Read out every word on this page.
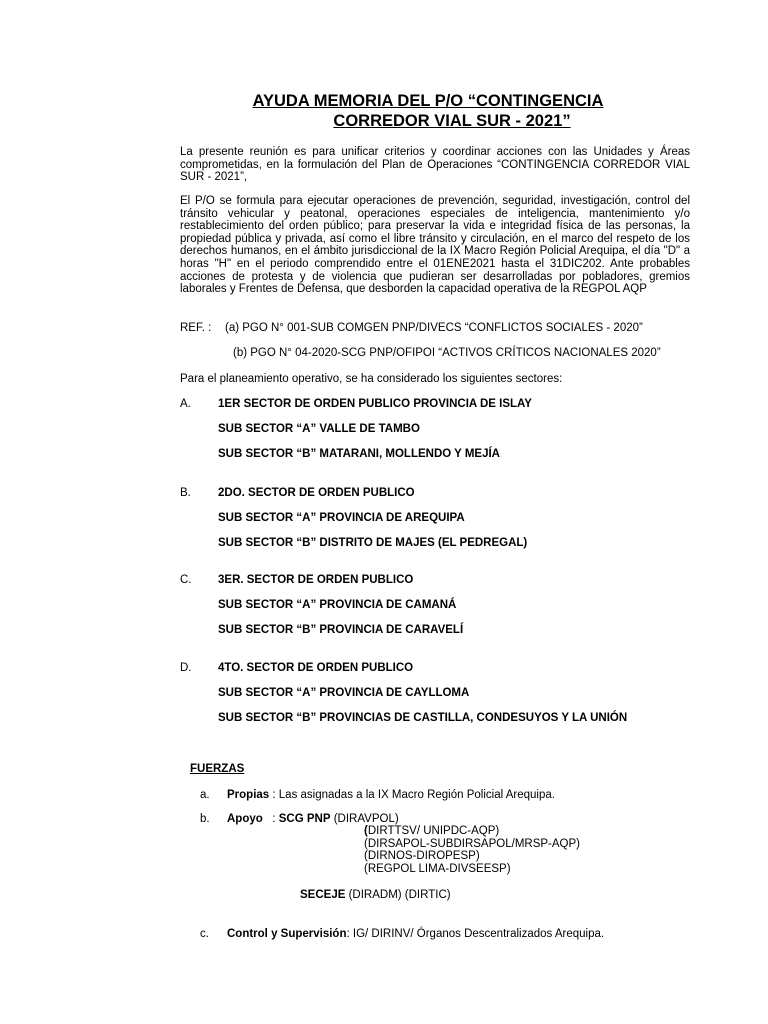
AYUDA MEMORIA DEL P/O “CONTINGENCIA
CORREDOR VIAL SUR - 2021”
La presente reunión es para unificar criterios y coordinar acciones con las Unidades y Áreas comprometidas, en la formulación del Plan de Operaciones “CONTINGENCIA CORREDOR VIAL SUR - 2021”,
El P/O se formula para ejecutar operaciones de prevención, seguridad, investigación, control del tránsito vehicular y peatonal, operaciones especiales de inteligencia, mantenimiento y/o restablecimiento del orden público; para preservar la vida e integridad física de las personas, la propiedad pública y privada, así como el libre tránsito y circulación, en el marco del respeto de los derechos humanos, en el ámbito jurisdiccional de la IX Macro Región Policial Arequipa, el día "D" a horas "H" en el periodo comprendido entre el 01ENE2021 hasta el 31DIC202. Ante probables acciones de protesta y de violencia que pudieran ser desarrolladas por pobladores, gremios laborales y Frentes de Defensa, que desborden la capacidad operativa de la REGPOL AQP
REF. : (a) PGO N° 001-SUB COMGEN PNP/DIVECS “CONFLICTOS SOCIALES - 2020”
(b) PGO N° 04-2020-SCG PNP/OFIPOI “ACTIVOS CRÍTICOS NACIONALES 2020”
Para el planeamiento operativo, se ha considerado los siguientes sectores:
A. 1ER SECTOR DE ORDEN PUBLICO PROVINCIA DE ISLAY
SUB SECTOR “A” VALLE DE TAMBO
SUB SECTOR “B” MATARANI, MOLLENDO Y MEJÍA
B. 2DO. SECTOR DE ORDEN PUBLICO
SUB SECTOR “A” PROVINCIA DE AREQUIPA
SUB SECTOR “B” DISTRITO DE MAJES (EL PEDREGAL)
C. 3ER. SECTOR DE ORDEN PUBLICO
SUB SECTOR “A” PROVINCIA DE CAMANÁ
SUB SECTOR “B” PROVINCIA DE CARAVELÍ
D. 4TO. SECTOR DE ORDEN PUBLICO
SUB SECTOR “A” PROVINCIA DE CAYLLOMA
SUB SECTOR “B” PROVINCIAS DE CASTILLA, CONDESUYOS Y LA UNIÓN
FUERZAS
a. Propias : Las asignadas a la IX Macro Región Policial Arequipa.
b. Apoyo   : SCG PNP (DIRAVPOL)
(DIRTTSV/ UNIPDC-AQP)
(DIRSAPOL-SUBDIRSAPOL/MRSP-AQP)
(DIRNOS-DIROPESP)
(REGPOL LIMA-DIVSEESP)
SECEJE (DIRADM) (DIRTIC)
c. Control y Supervisión: IG/ DIRINV/ Órganos Descentralizados Arequipa.
